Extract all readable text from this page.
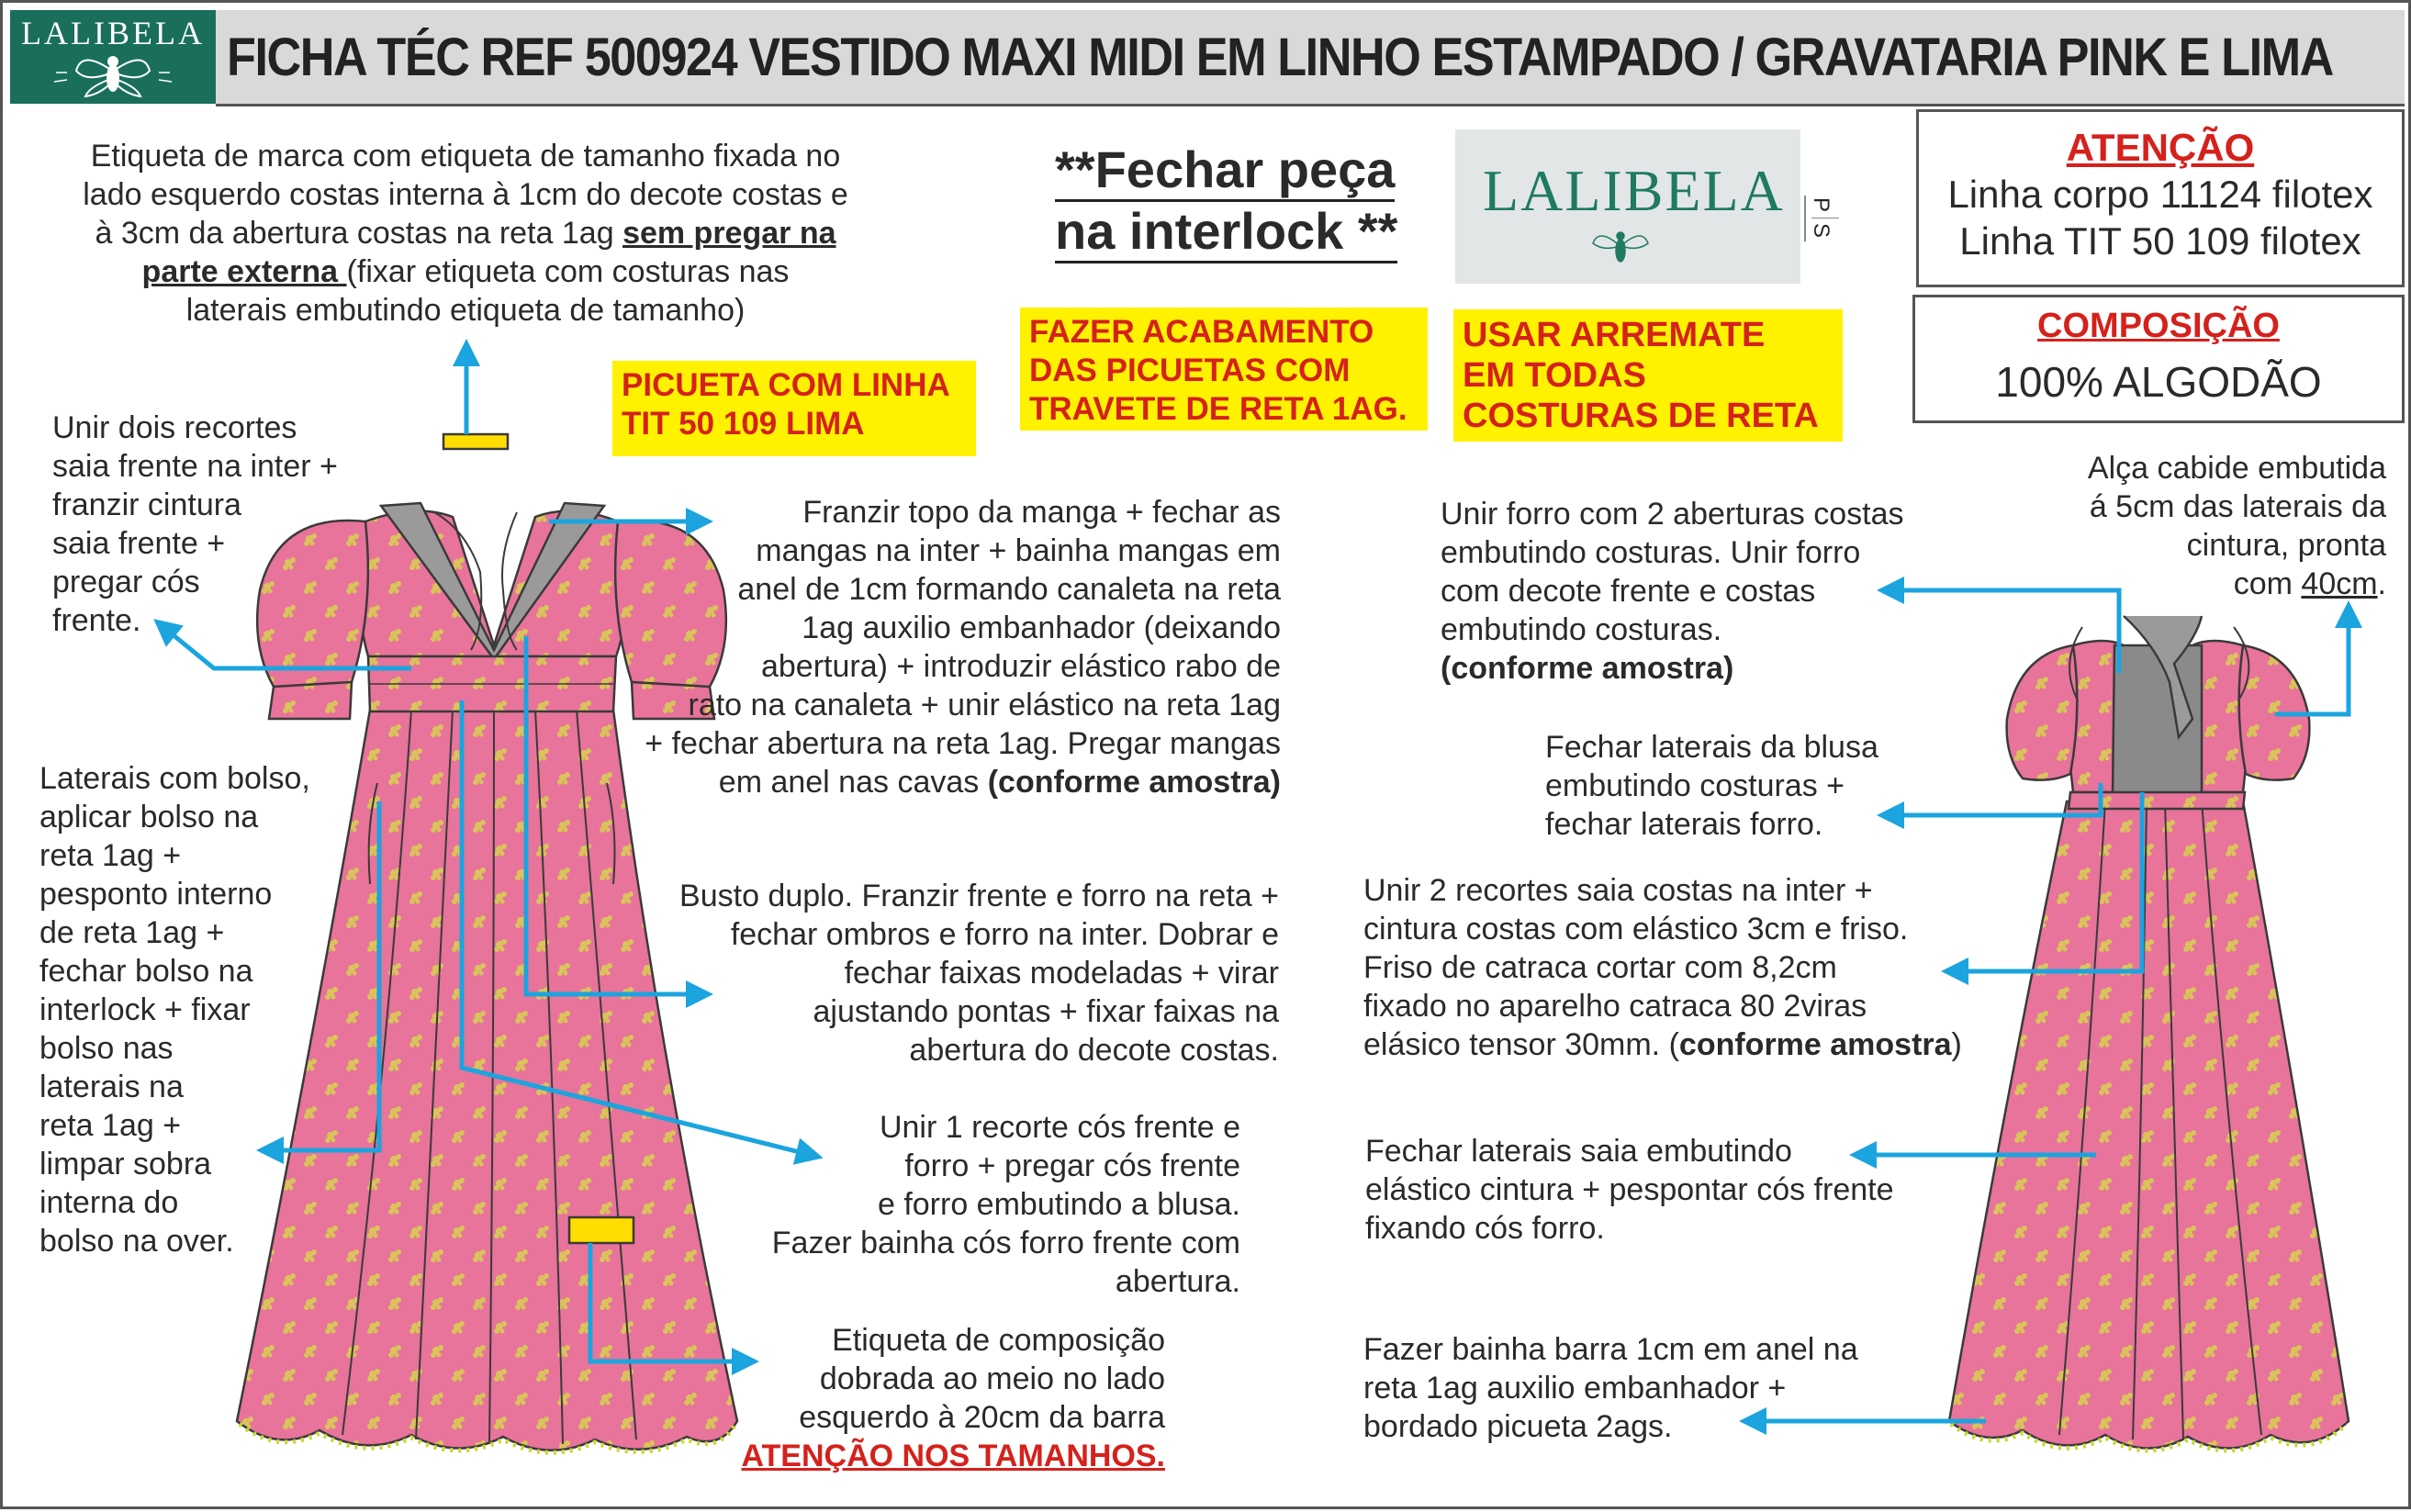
LALIBELA FICHA TÉC REF 500924 VESTIDO MAXI MIDI EM LINHO ESTAMPADO / GRAVATARIA PINK E LIMA
**Fechar peça
na interlock **
LALIBELA P
S
ATENÇÃO
Linha corpo 11124 filotex
Linha TIT 50 109 filotex
COMPOSIÇÃO
100% ALGODÃO
PICUETA COM LINHA
TIT 50 109 LIMA
FAZER ACABAMENTO
DAS PICUETAS COM
TRAVETE DE RETA 1AG.
USAR ARREMATE
EM TODAS
COSTURAS DE RETA
Etiqueta de marca com etiqueta de tamanho fixada no
lado esquerdo costas interna à 1cm do decote costas e
à 3cm da abertura costas na reta 1ag sem pregar na
parte externa (fixar etiqueta com costuras nas
laterais embutindo etiqueta de tamanho)
Unir dois recortes
saia frente na inter +
franzir cintura
saia frente +
pregar cós
frente.
Laterais com bolso,
aplicar bolso na
reta 1ag +
pesponto interno
de reta 1ag +
fechar bolso na
interlock + fixar
bolso nas
laterais na
reta 1ag +
limpar sobra
interna do
bolso na over.
Franzir topo da manga + fechar as
mangas na inter + bainha mangas em
anel de 1cm formando canaleta na reta
1ag auxilio embanhador (deixando
abertura) + introduzir elástico rabo de
rato na canaleta + unir elástico na reta 1ag
+ fechar abertura na reta 1ag. Pregar mangas
em anel nas cavas (conforme amostra)
Busto duplo. Franzir frente e forro na reta +
fechar ombros e forro na inter. Dobrar e
fechar faixas modeladas + virar
ajustando pontas + fixar faixas na
abertura do decote costas.
Unir 1 recorte cós frente e
forro + pregar cós frente
e forro embutindo a blusa.
Fazer bainha cós forro frente com
abertura.
Etiqueta de composição
dobrada ao meio no lado
esquerdo à 20cm da barra
ATENÇÃO NOS TAMANHOS.
Unir forro com 2 aberturas costas
embutindo costuras. Unir forro
com decote frente e costas
embutindo costuras.
(conforme amostra)
Alça cabide embutida
á 5cm das laterais da
cintura, pronta
com 40cm.
Fechar laterais da blusa
embutindo costuras +
fechar laterais forro.
Unir 2 recortes saia costas na inter +
cintura costas com elástico 3cm e friso.
Friso de catraca cortar com 8,2cm
fixado no aparelho catraca 80 2viras
elásico tensor 30mm. (conforme amostra)
Fechar laterais saia embutindo
elástico cintura + pespontar cós frente
fixando cós forro.
Fazer bainha barra 1cm em anel na
reta 1ag auxilio embanhador +
bordado picueta 2ags.
